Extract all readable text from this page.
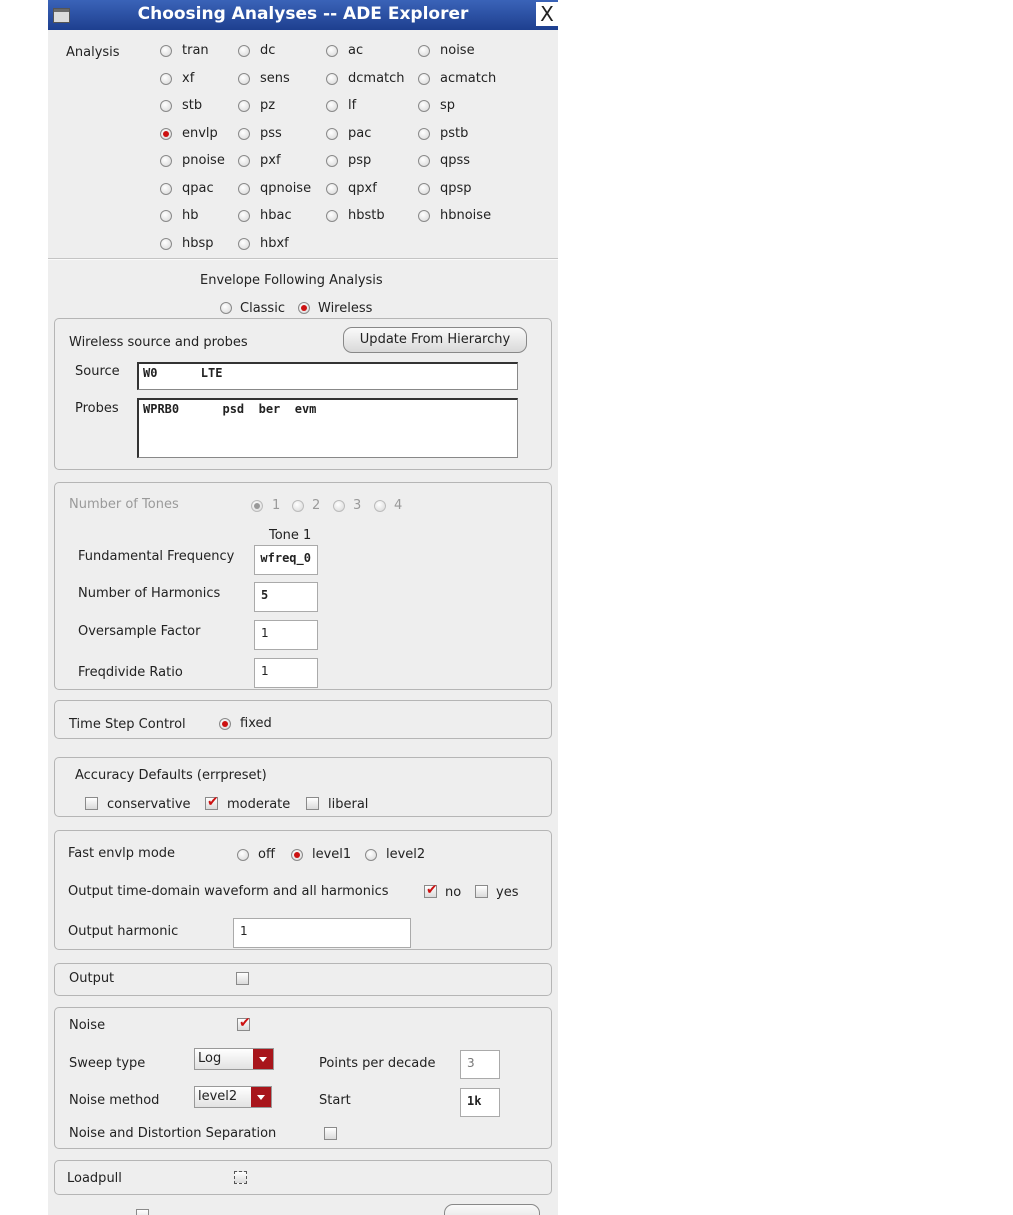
Choosing Analyses -- ADE Explorer	X
Analysis	tran	dc	ac	noise
xf	sens	dcmatch	acmatch
stb	pz	lf	sp
envlp	pss	pac	pstb
pnoise	pxf	psp	qpss
qpac	qpnoise	qpxf	qpsp
hb	hbac	hbstb	hbnoise
hbsp	hbxf
Envelope Following Analysis
Classic	Wireless
Wireless source and probes	Update From Hierarchy
Source	W0      LTE
Probes	WPRB0      psd  ber  evm
Number of Tones	1 2	3	4
Tone 1
Fundamental Frequency	0_wfreq
Number of Harmonics	5
Oversample Factor	1
Freqdivide Ratio	1
Time Step Control	fixed
Accuracy Defaults (errpreset)
conservative ✔	moderate	liberal
Fast envlp mode	off	level1	level2
Output time-domain waveform and all harmonics ✔	no	yes
Output harmonic	1
Output
Noise
✔
Sweep type	Log	Points per decade	3
Noise method	level2	Start	1k
Noise and Distortion Separation
Loadpull
